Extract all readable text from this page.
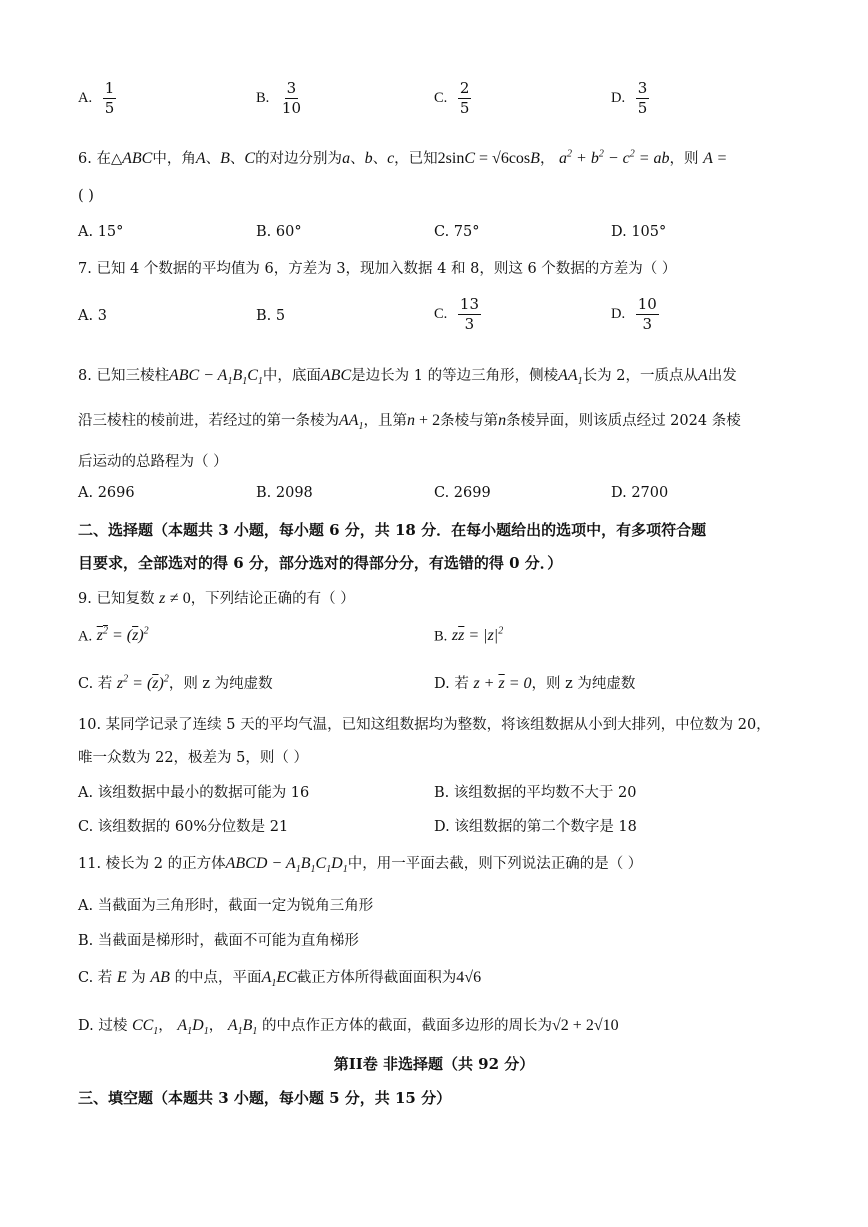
A. $\frac{1}{5}$	B. $\frac{3}{10}$	C. $\frac{2}{5}$	D. $\frac{3}{5}$
6. 在△ABC中，角A、B、C的对边分别为a、b、c，已知2sinC = √6cosB， $a^2 + b^2 - c^2$ = ab，则 A =
( )
A. 15°	B. 60°	C. 75°	D. 105°
7. 已知 4 个数据的平均值为 6，方差为 3，现加入数据 4 和 8，则这 6 个数据的方差为（ ）
A. 3	B. 5	C. $\frac{13}{3}$	D. $\frac{10}{3}$
8. 已知三棱柱ABC − $A_1B_1C_1$中，底面ABC是边长为 1 的等边三角形，侧棱$AA_1$长为 2，一质点从A出发
沿三棱柱的棱前进，若经过的第一条棱为$AA_1$，且第n + 2条棱与第n条棱异面，则该质点经过 2024 条棱
后运动的总路程为（ ）
A. 2696	B. 2098	C. 2699	D. 2700
二、选择题（本题共 3 小题，每小题 6 分，共 18 分．在每小题给出的选项中，有多项符合题
目要求，全部选对的得 6 分，部分选对的得部分分，有选错的得 0 分．）
9. 已知复数 z ≠ 0，下列结论正确的有（ ）
A. $z^2 = (\overline{z})^2$	B. $z\overline{z} = |z|^2$
C. 若 $z^2 = (\overline{z})^2$，则 z 为纯虚数	D. 若 $z + \overline{z} = 0$，则 z 为纯虚数
10. 某同学记录了连续 5 天的平均气温，已知这组数据均为整数，将该组数据从小到大排列，中位数为 20，
唯一众数为 22，极差为 5，则（ ）
A. 该组数据中最小的数据可能为 16	B. 该组数据的平均数不大于 20
C. 该组数据的 60%分位数是 21	D. 该组数据的第二个数字是 18
11. 棱长为 2 的正方体ABCD − $A_1B_1C_1D_1$中，用一平面去截，则下列说法正确的是（ ）
A. 当截面为三角形时，截面一定为锐角三角形
B. 当截面是梯形时，截面不可能为直角梯形
C. 若 E 为 AB 的中点，平面$A_1EC$截正方体所得截面面积为4√6
D. 过棱 $CC_1$， $A_1D_1$， $A_1B_1$ 的中点作正方体的截面，截面多边形的周长为√2 + 2√10
第II卷 非选择题（共 92 分）
三、填空题（本题共 3 小题，每小题 5 分，共 15 分）
